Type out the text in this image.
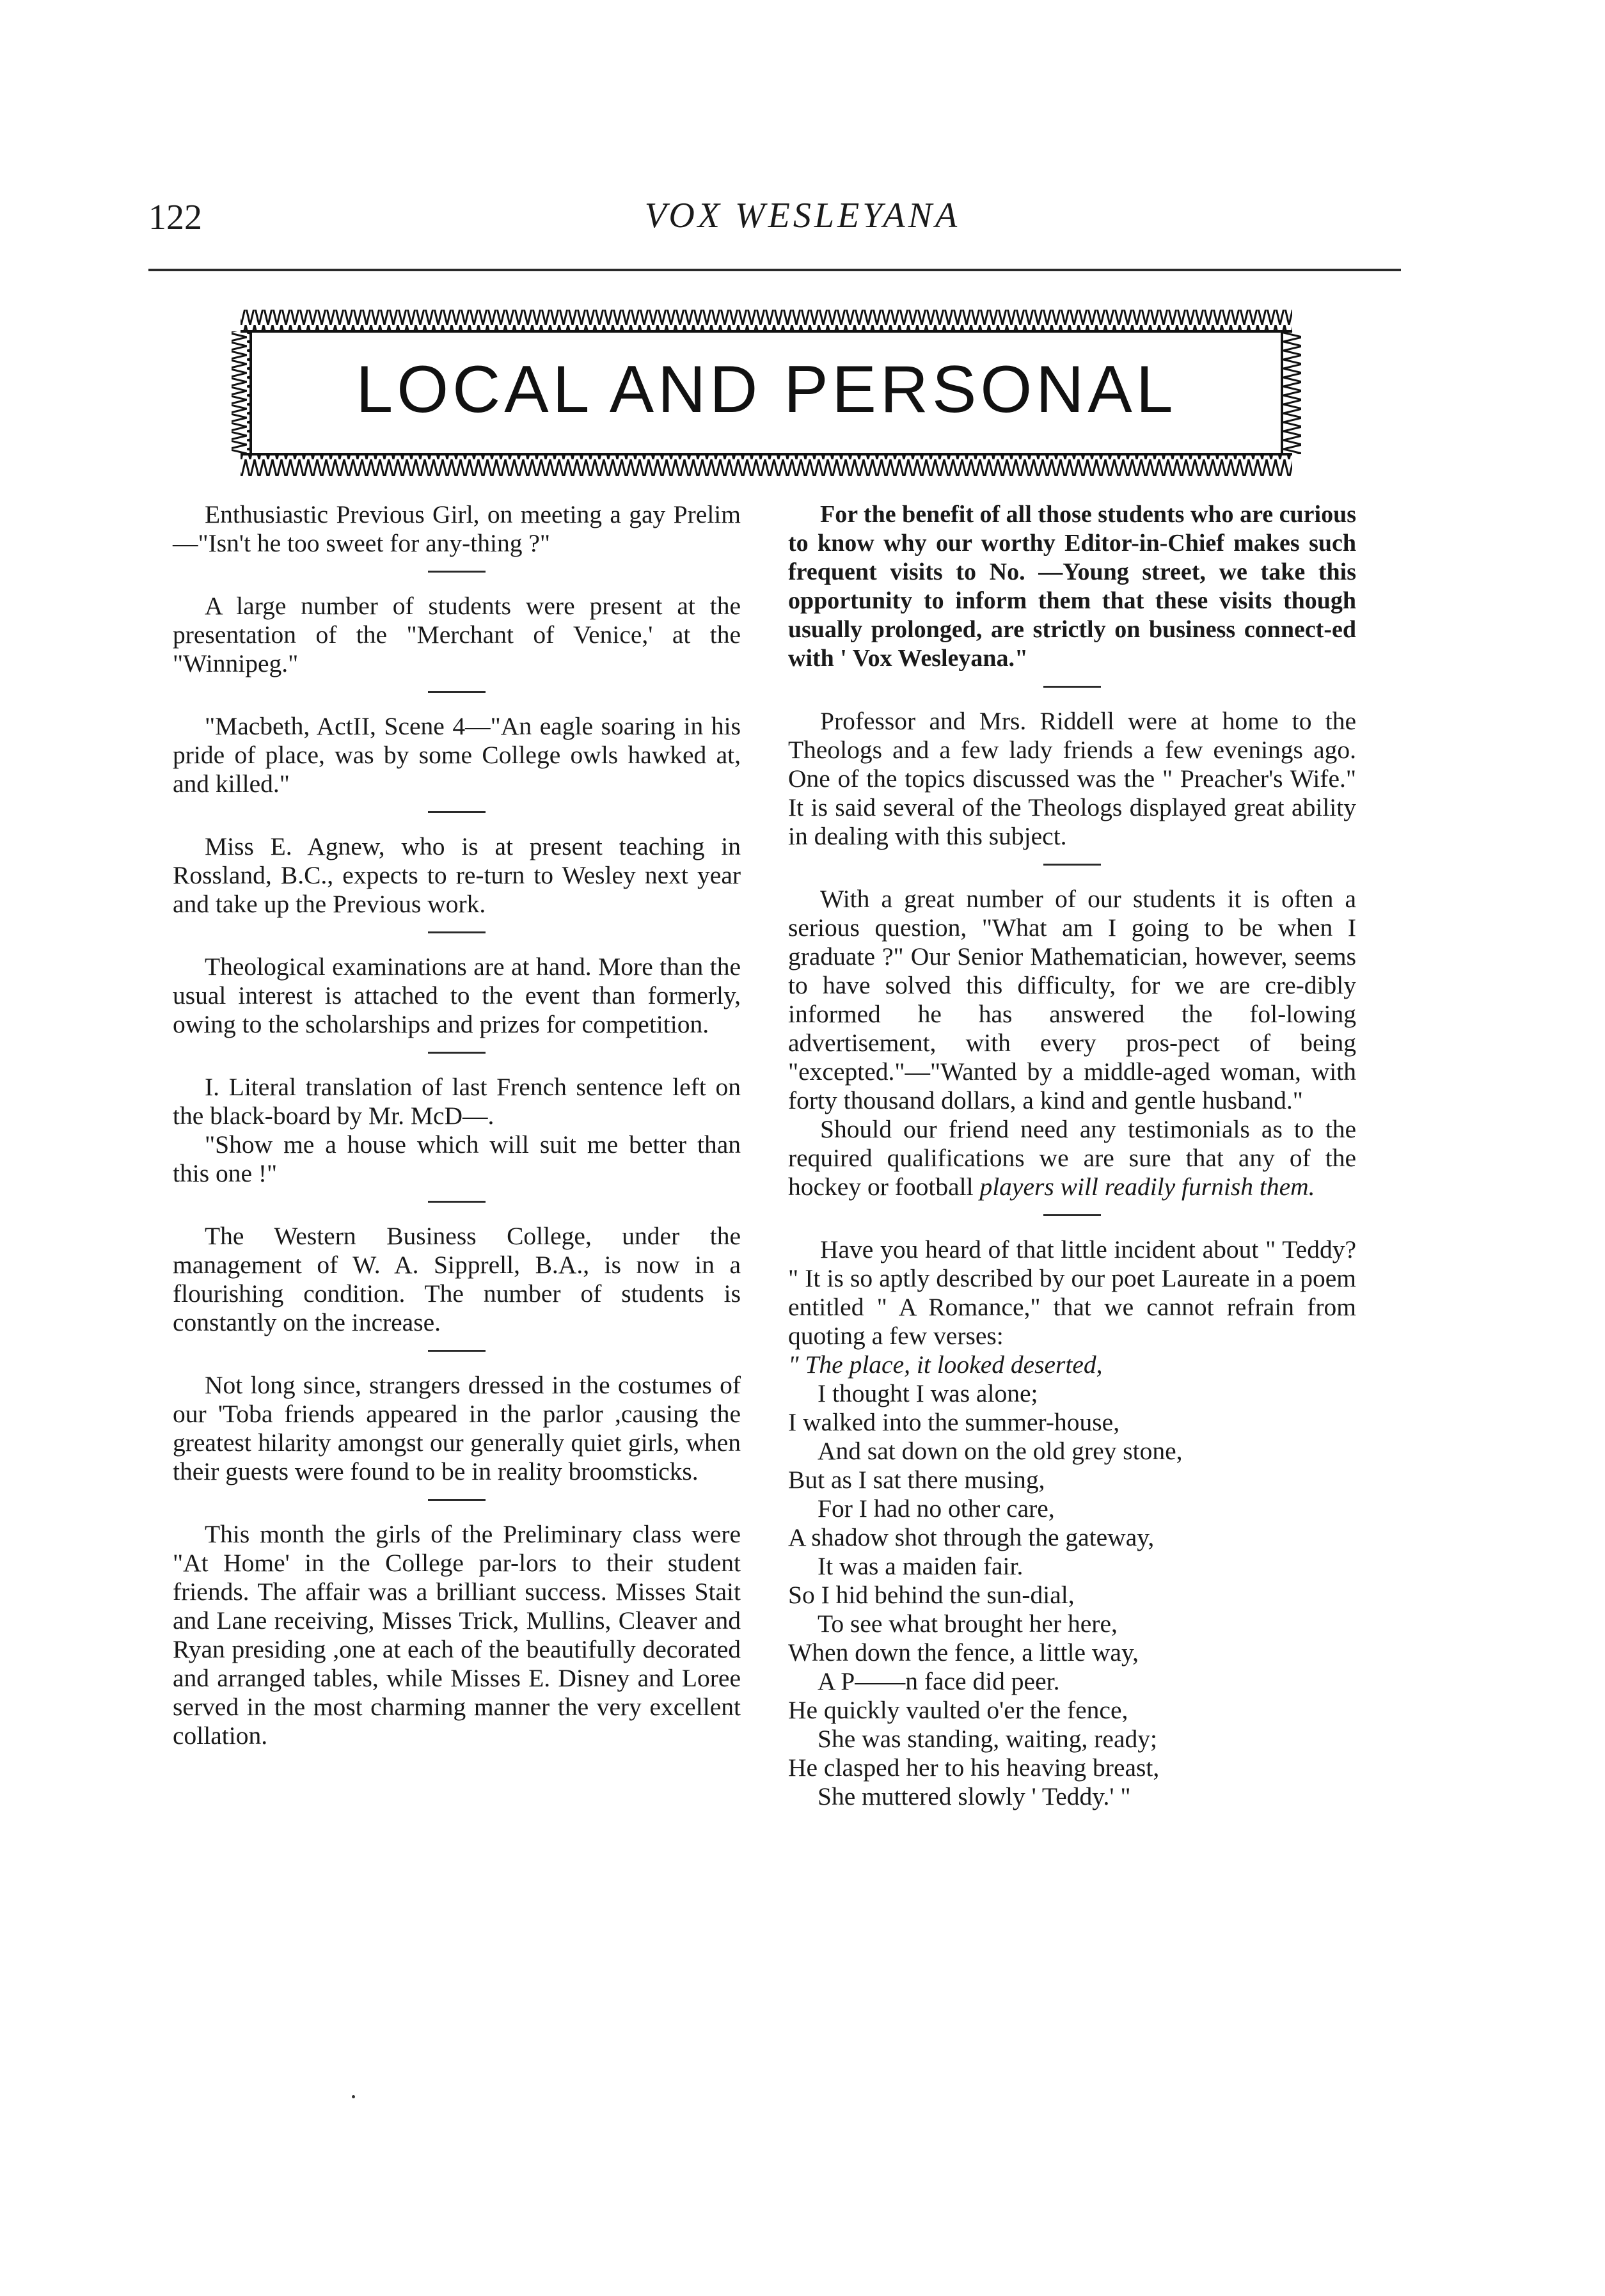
122	VOX WESLEYANA
LOCAL AND PERSONAL

Enthusiastic Previous Girl, on meeting a gay Prelim—"Isn't he too sweet for any-thing ?"

A large number of students were present at the presentation of the "Merchant of Venice,' at the "Winnipeg."

"Macbeth, ActII, Scene 4—"An eagle soaring in his pride of place, was by some College owls hawked at, and killed."

Miss E. Agnew, who is at present teaching in Rossland, B.C., expects to re-turn to Wesley next year and take up the Previous work.

Theological examinations are at hand. More than the usual interest is attached to the event than formerly, owing to the scholarships and prizes for competition.

I. Literal translation of last French sentence left on the black-board by Mr. McD—.

"Show me a house which will suit me better than this one !"

The Western Business College, under the management of W. A. Sipprell, B.A., is now in a flourishing condition. The number of students is constantly on the increase.

Not long since, strangers dressed in the costumes of our 'Toba friends appeared in the parlor ,causing the greatest hilarity amongst our generally quiet girls, when their guests were found to be in reality broomsticks.

This month the girls of the Preliminary class were "At Home' in the College par-lors to their student friends. The affair was a brilliant success. Misses Stait and Lane receiving, Misses Trick, Mullins, Cleaver and Ryan presiding ,one at each of the beautifully decorated and arranged tables, while Misses E. Disney and Loree served in the most charming manner the very excellent collation.

For the benefit of all those students who are curious to know why our worthy Editor-in-Chief makes such frequent visits to No. —Young street, we take this opportunity to inform them that these visits though usually prolonged, are strictly on business connect-ed with ' Vox Wesleyana."

Professor and Mrs. Riddell were at home to the Theologs and a few lady friends a few evenings ago. One of the topics discussed was the " Preacher's Wife." It is said several of the Theologs displayed great ability in dealing with this subject.

With a great number of our students it is often a serious question, "What am I going to be when I graduate ?" Our Senior Mathematician, however, seems to have solved this difficulty, for we are cre-dibly informed he has answered the fol-lowing advertisement, with every pros-pect of being "excepted."—"Wanted by a middle-aged woman, with forty thousand dollars, a kind and gentle husband."

Should our friend need any testimonials as to the required qualifications we are sure that any of the hockey or football players will readily furnish them.

Have you heard of that little incident about " Teddy? " It is so aptly described by our poet Laureate in a poem entitled " A Romance," that we cannot refrain from quoting a few verses:

" The place, it looked deserted,

I thought I was alone;

I walked into the summer-house,

And sat down on the old grey stone,

But as I sat there musing,

For I had no other care,

A shadow shot through the gateway,

It was a maiden fair.

So I hid behind the sun-dial,

To see what brought her here,

When down the fence, a little way,

A P——n face did peer.

He quickly vaulted o'er the fence,

She was standing, waiting, ready;

He clasped her to his heaving breast,

She muttered slowly ' Teddy.' "
